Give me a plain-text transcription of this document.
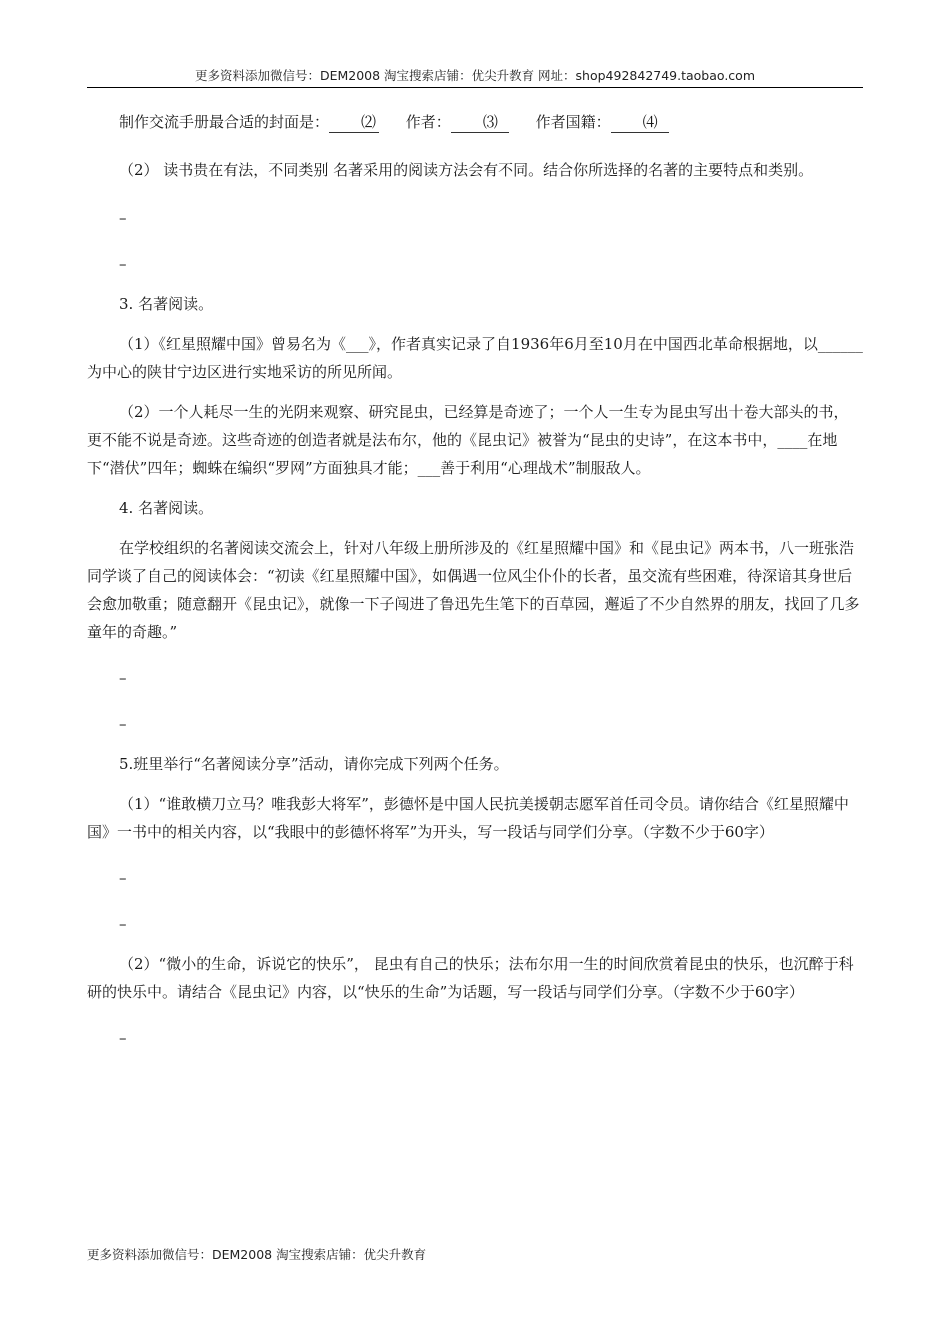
更多资料添加微信号：DEM2008 淘宝搜索店铺：优尖升教育 网址：shop492842749.taobao.com

制作交流手册最合适的封面是： ⑵ 作者： ⑶	作者国籍： ⑷

（2） 读书贵在有法，不同类别 名著采用的阅读方法会有不同。结合你所选择的名著的主要特点和类别。

–
–

3. 名著阅读。

（1）《红星照耀中国》曾易名为《___》，作者真实记录了自1936年6月至10月在中国西北革命根据地，以______为中心的陕甘宁边区进行实地采访的所见所闻。

（2）一个人耗尽一生的光阴来观察、研究昆虫，已经算是奇迹了；一个人一生专为昆虫写出十卷大部头的书，更不能不说是奇迹。这些奇迹的创造者就是法布尔，他的《昆虫记》被誉为“昆虫的史诗”，在这本书中，____在地下“潜伏”四年；蜘蛛在编织“罗网”方面独具才能；___善于利用“心理战术”制服敌人。

4. 名著阅读。

在学校组织的名著阅读交流会上，针对八年级上册所涉及的《红星照耀中国》和《昆虫记》两本书，八一班张浩同学谈了自己的阅读体会：“初读《红星照耀中国》，如偶遇一位风尘仆仆的长者，虽交流有些困难，待深谙其身世后会愈加敬重；随意翻开《昆虫记》，就像一下子闯进了鲁迅先生笔下的百草园，邂逅了不少自然界的朋友，找回了几多童年的奇趣。”

–
–

5.班里举行“名著阅读分享”活动，请你完成下列两个任务。

（1）“谁敢横刀立马？唯我彭大将军”，彭德怀是中国人民抗美援朝志愿军首任司令员。请你结合《红星照耀中国》一书中的相关内容，以“我眼中的彭德怀将军”为开头，写一段话与同学们分享。（字数不少于60字）

–
–

（2）“微小的生命，诉说它的快乐”， 昆虫有自己的快乐；法布尔用一生的时间欣赏着昆虫的快乐，也沉醉于科研的快乐中。请结合《昆虫记》内容，以“快乐的生命”为话题，写一段话与同学们分享。（字数不少于60字）

–
更多资料添加微信号：DEM2008 淘宝搜索店铺：优尖升教育
